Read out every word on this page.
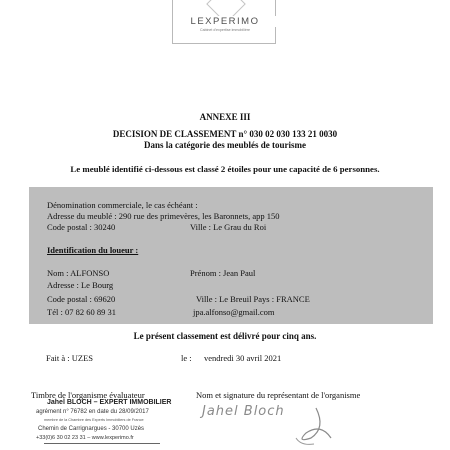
LEXPERIMO
Cabinet d'expertise immobilière
ANNEXE III
DECISION DE CLASSEMENT n° 030 02 030 133 21 0030
Dans la catégorie des meublés de tourisme
Le meublé identifié ci-dessous est classé 2 étoiles pour une capacité de 6 personnes.
Dénomination commerciale, le cas échéant :
Adresse du meublé : 290 rue des primevères, les Baronnets, app 150
Code postal : 30240	Ville : Le Grau du Roi
Identification du loueur :
Nom : ALFONSO	Prénom : Jean Paul
Adresse : Le Bourg
Code postal : 69620	Ville : Le Breuil Pays : FRANCE
Tél : 07 82 60 89 31	jpa.alfonso@gmail.com
Le présent classement est délivré pour cinq ans.
Fait à : UZES	le : vendredi 30 avril 2021
Timbre de l'organisme évaluateur	Nom et signature du représentant de l'organisme
Jahel BLOCH – EXPERT IMMOBILIER
agrément n° 76782 en date du 28/09/2017
membre de la Chambre des Experts Immobiliers de France
Chemin de Carrignargues - 30700 Uzès
+33(0)6 30 02 23 31 – www.lexperimo.fr
Jahel Bloch
